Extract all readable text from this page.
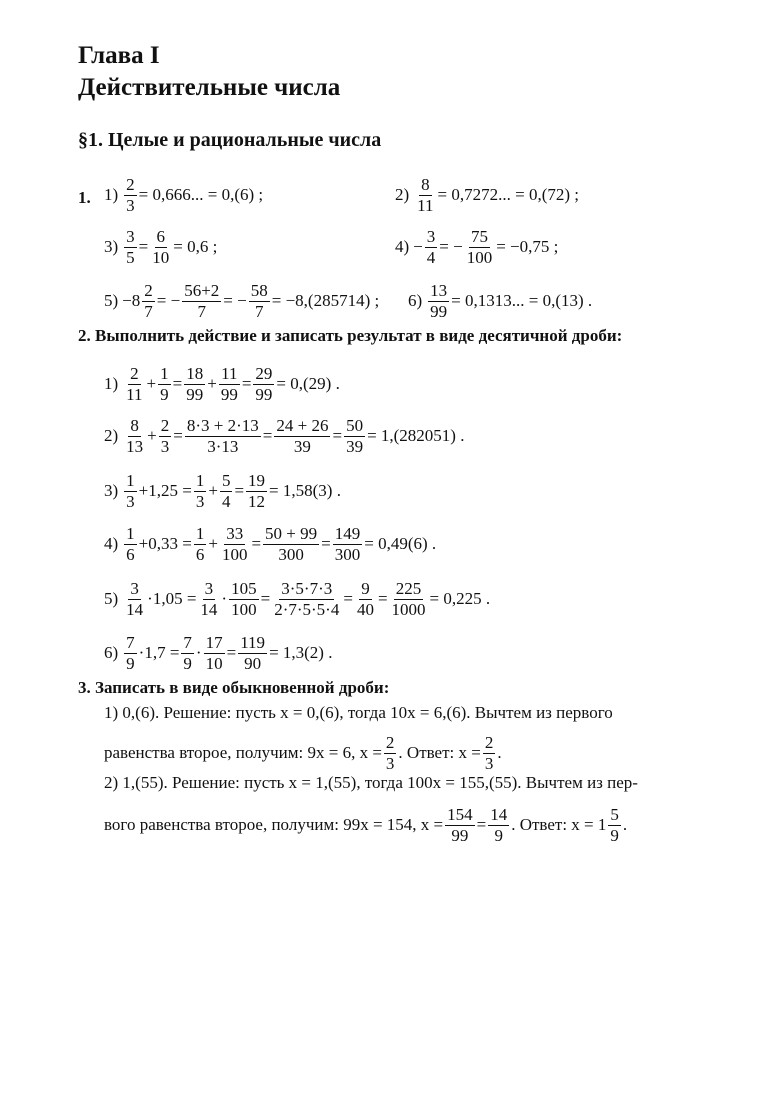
Глава I
Действительные числа
§1. Целые и рациональные числа
1. $1) \frac{2}{3} = 0,666$... = 0,(6) ;	$2) \frac{8}{11} = 0,7272$... = 0,(72) ;
$3) \frac{3}{5} = \frac{6}{10} = 0,6$ ;	$4) - \frac{3}{4}$ = − $\frac{75}{100} = -0,75$ ;
$5) -8 \frac{2}{7}$ = − $\frac{56+2}{7}$ = − $\frac{58}{7} = -8,(285714)$ ; $6) \frac{13}{99} = 0,1313$... = 0,(13) .
2. Выполнить действие и записать результат в виде десятичной дроби:
1)
2
11
+ $\frac{1}{9} = \frac{18}{99} + \frac{11}{99} = \frac{29}{99} = 0,(29)$ .
2)
8
13
+ $\frac{2}{3} = \frac{8\cdot 3 + 2\cdot 13}{3\cdot 13} = \frac{24 + 26}{39} = \frac{50}{39} = 1,(282051)$ .
3)
1
3
$+1,25 = \frac{1}{3} + \frac{5}{4} = \frac{19}{12} = 1,58(3)$ .
4)
1
6
$+0,33 = \frac{1}{6} + \frac{33}{100} = \frac{50 + 99}{300} = \frac{149}{300} = 0,49(6)$ .
5)
3
14
$\cdot 1,05 = \frac{3}{14} \cdot \frac{105}{100} = \frac{3\cdot 5\cdot 7\cdot 3}{2\cdot 7\cdot 5\cdot 5\cdot 4} = \frac{9}{40} = \frac{225}{1000} = 0,225$ .
6)
7
9
$\cdot 1,7 = \frac{7}{9} \cdot \frac{17}{10} = \frac{119}{90} = 1,3(2)$ .
3. Записать в виде обыкновенной дроби:
1) 0,(6). Решение: пусть x = 0,(6), тогда 10x = 6,(6). Вычтем из первого
равенства второе, получим: 9x = 6, $x = \frac{2}{3}$ . Ответ: $x = \frac{2}{3}$ .
2) 1,(55). Решение: пусть x = 1,(55), тогда 100x = 155,(55). Вычтем из пер-
вого равенства второе, получим: 99x = 154, $x = \frac{154}{99} = \frac{14}{9}$ . Ответ: x = 1
5
9
.
